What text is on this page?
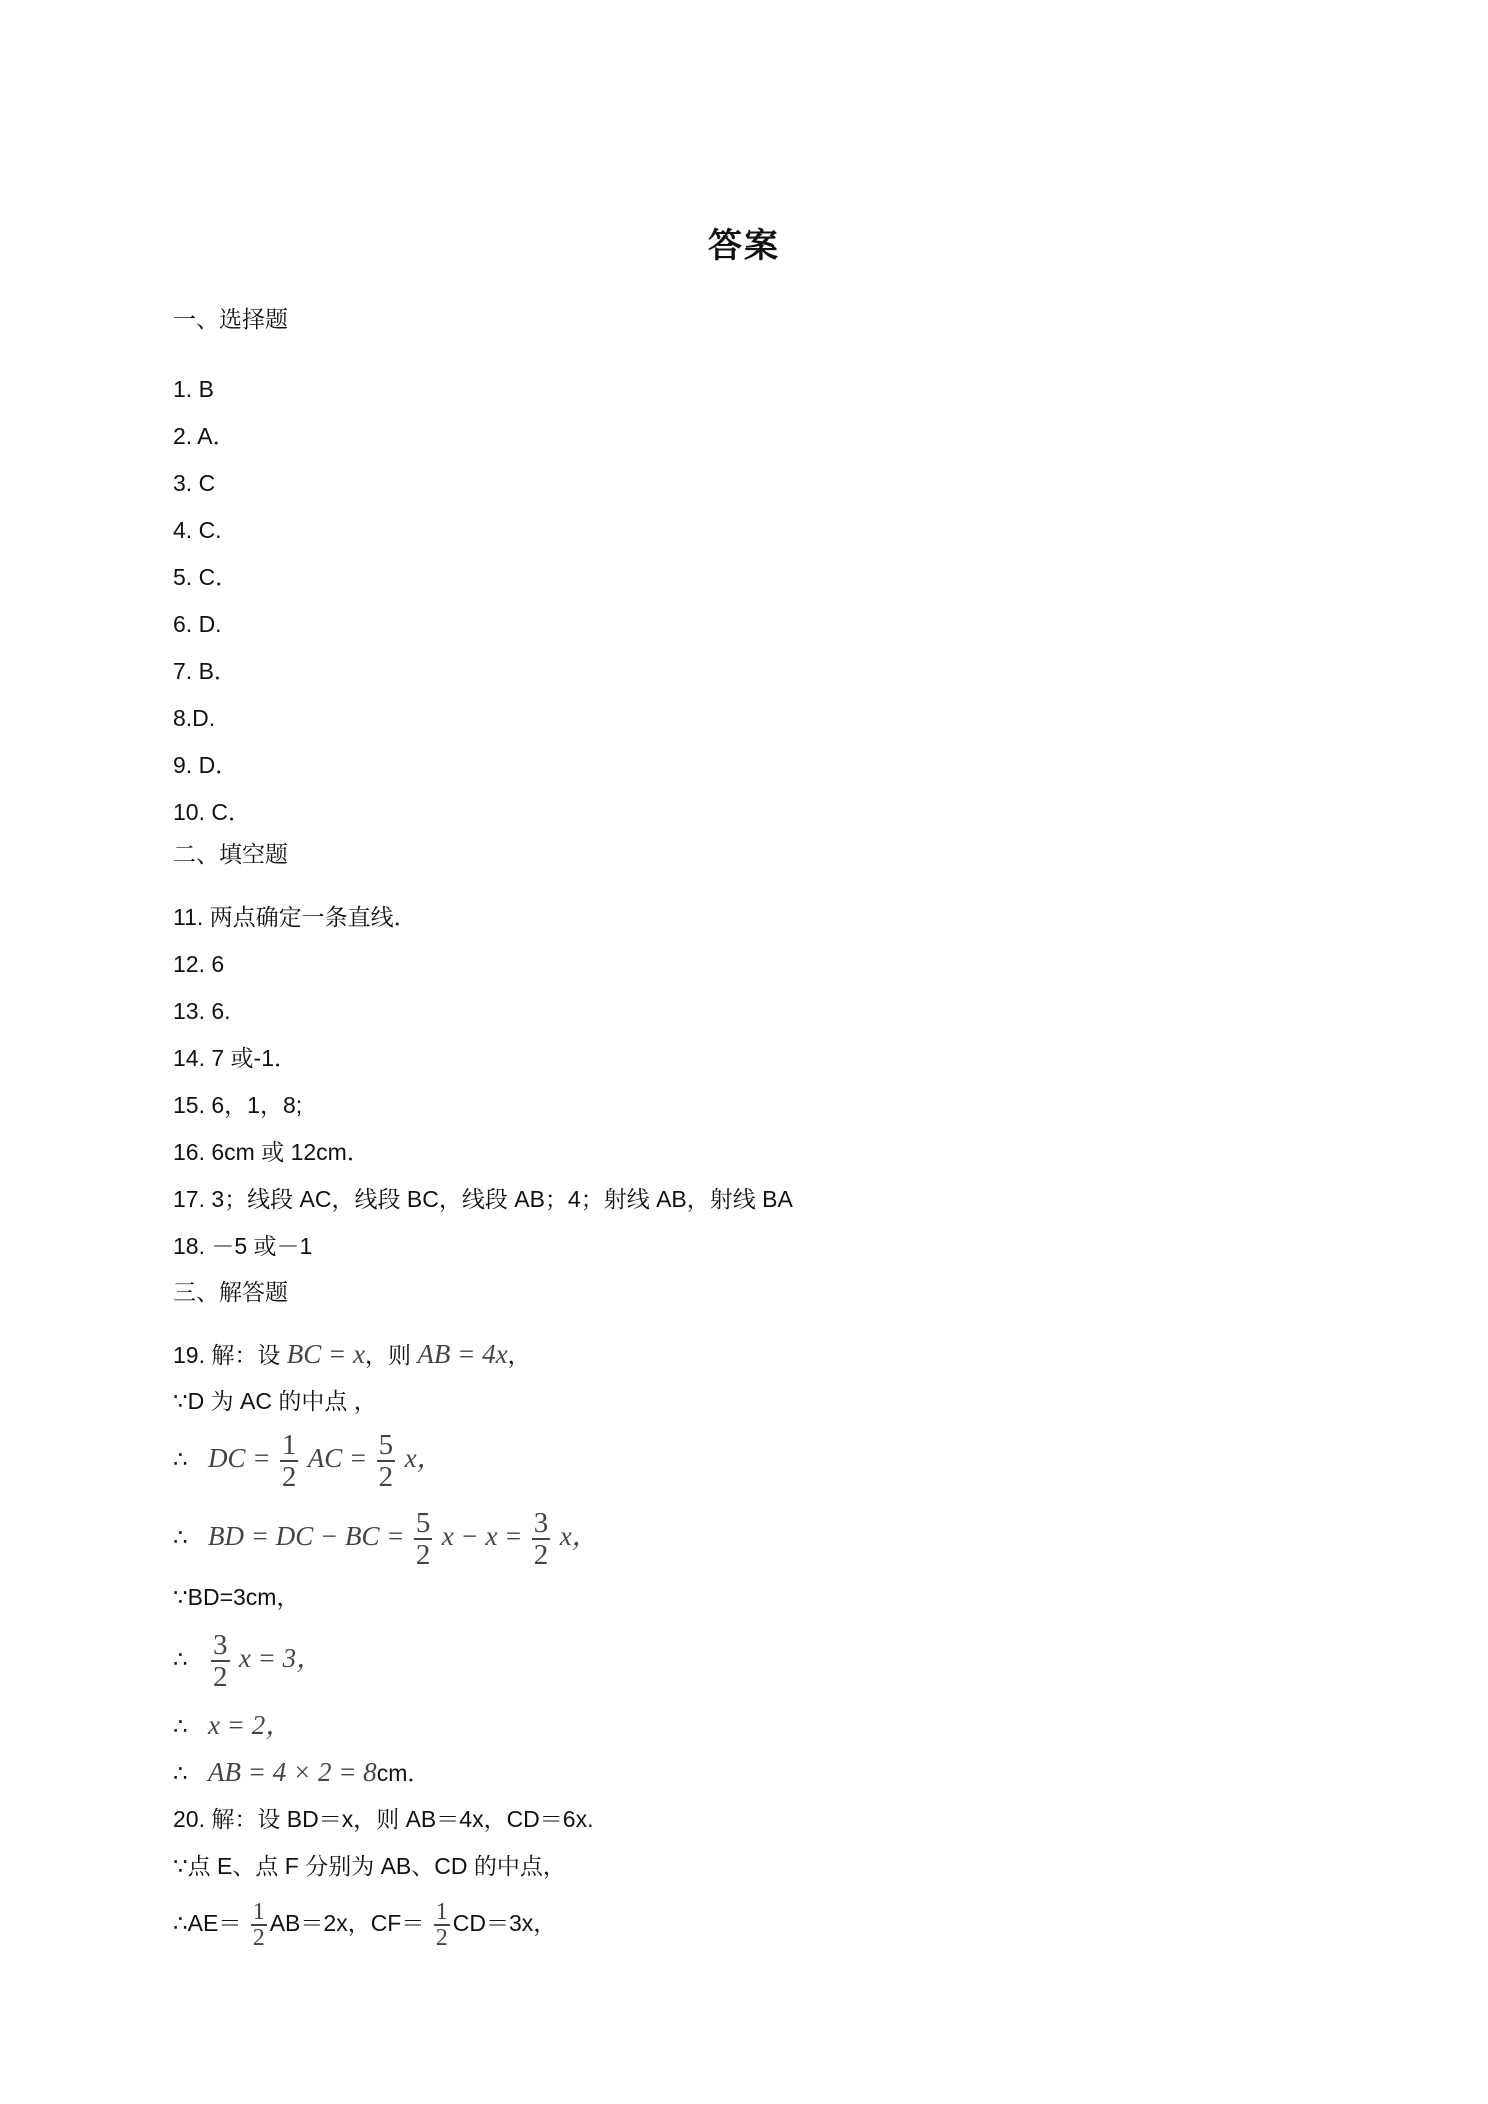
答案
一、选择题
1. B
2. A．
3. C
4. C.
5. C．
6. D.
7. B．
8.D.
9. D．
10. C．
二、填空题
11. 两点确定一条直线．
12. 6
13. 6.
14. 7 或-1．
15. 6，1，8;
16. 6cm 或 12cm．
17. 3；线段 AC，线段 BC，线段 AB；4；射线 AB，射线 BA
18. －5 或－1
三、解答题
19. 解：设 BC = x，则 AB = 4x，
∵D 为 AC 的中点 ，
∴ DC = $\frac{1}{2}$ AC = $\frac{5}{2}$ x，
∴ BD = DC − BC = $\frac{5}{2}$ $x - x = \frac{3}{2}$ x，
∵BD=3cm，
∴ $\frac{3}{2}$ x = 3，
∴ x = 2，
∴ AB = 4 × 2 = 8cm．
20. 解：设 BD＝x，则 AB＝4x，CD＝6x.
∵点 E、点 F 分别为 AB、CD 的中点，
∴AE＝ $\frac{1}{2} AB=2x$，$CF= \frac{1}{2} CD=3x$，
